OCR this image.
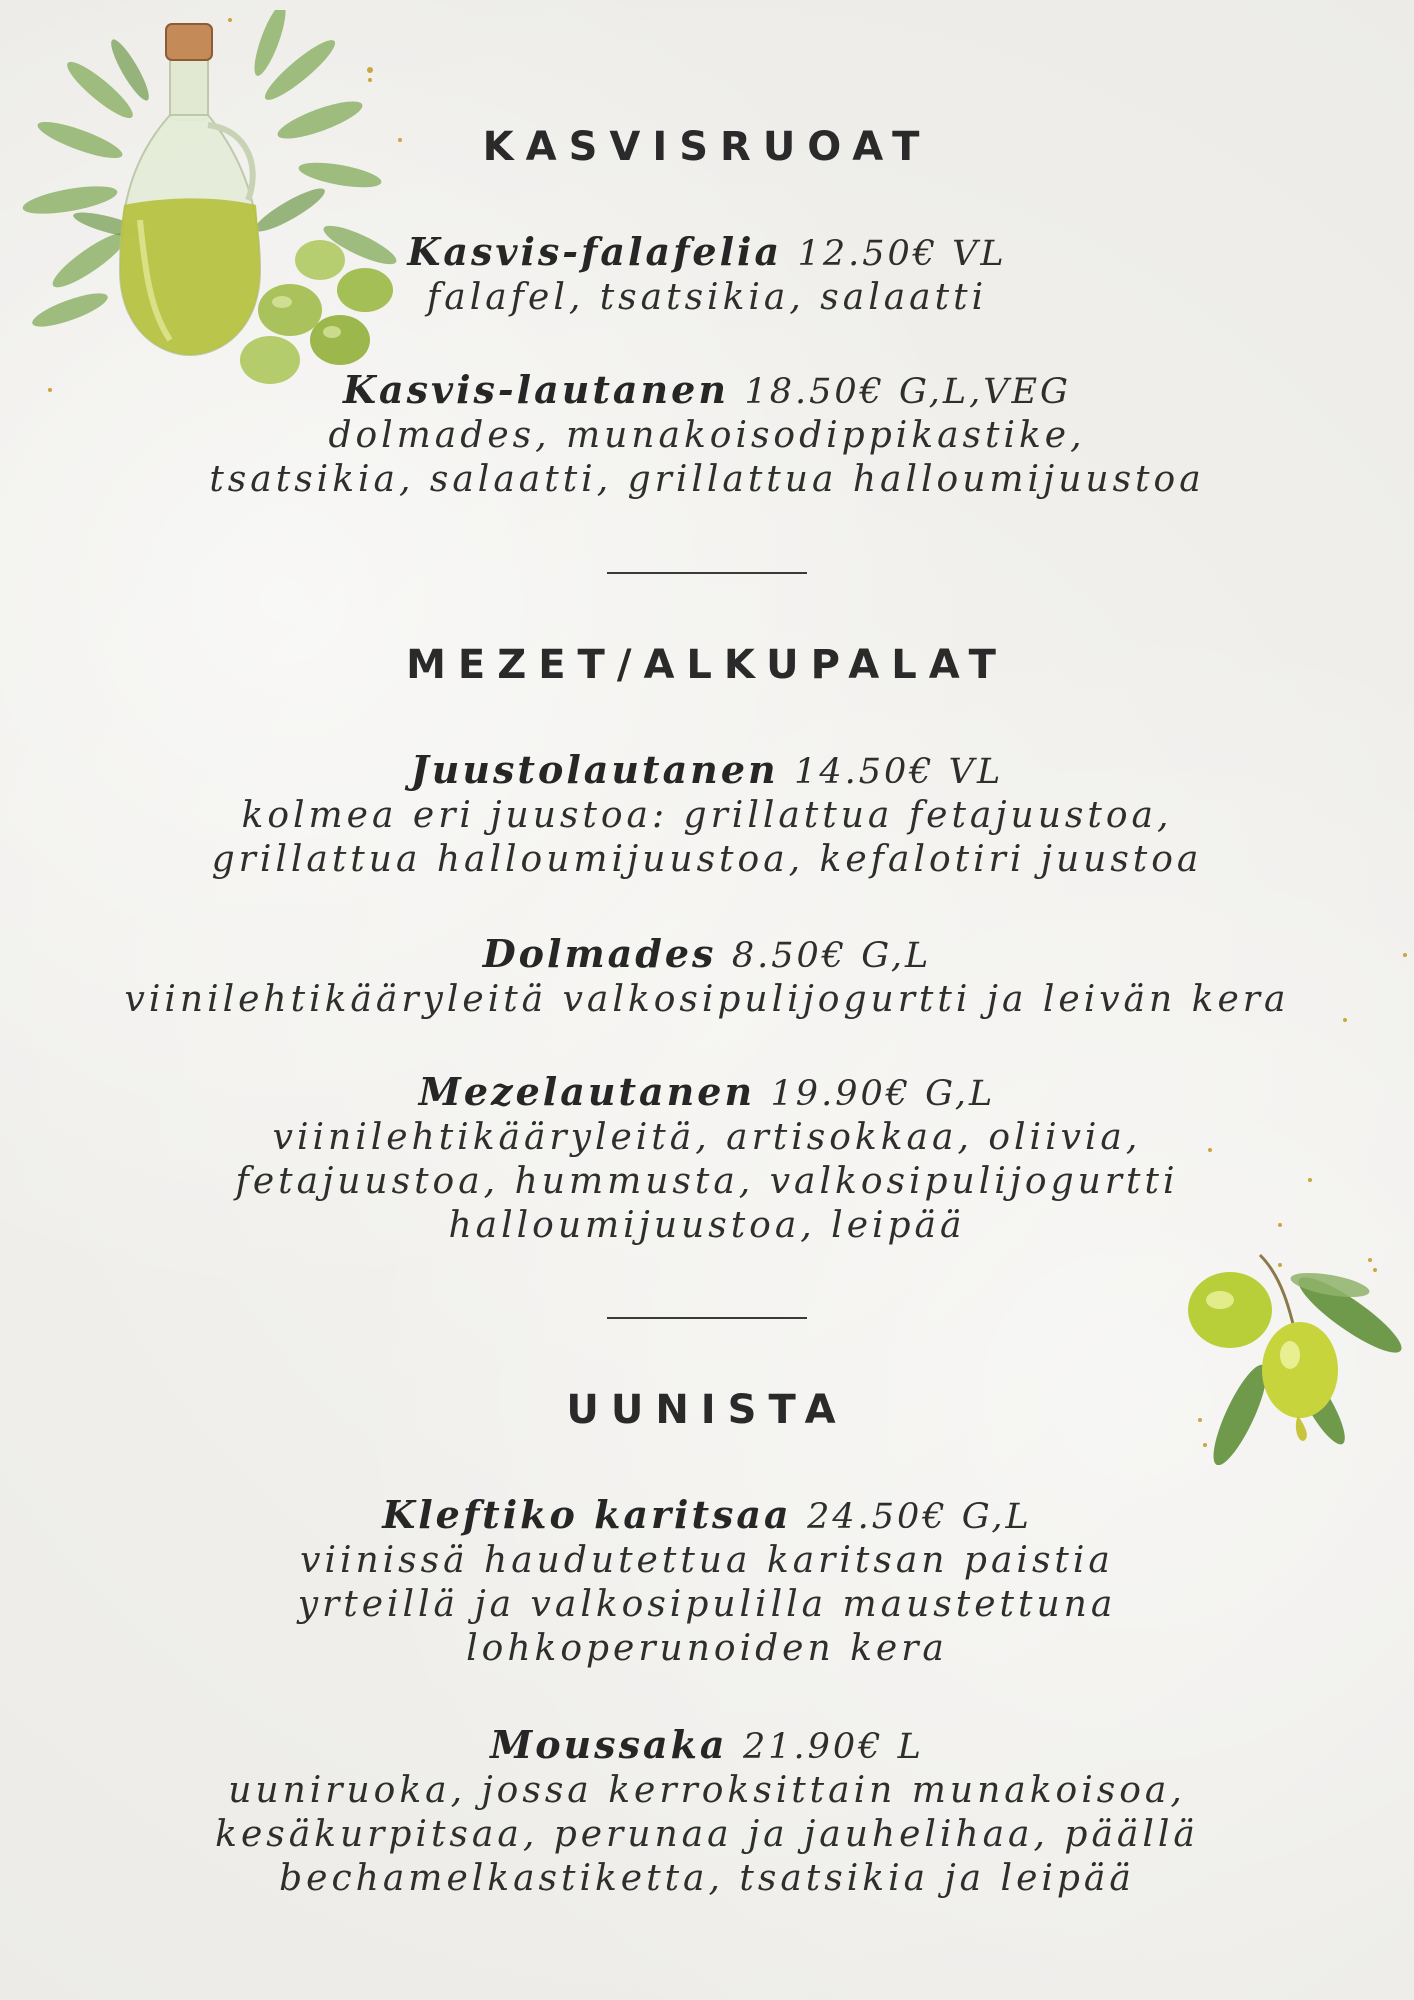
KASVISRUOAT
Kasvis-falafelia 12.50€ VL
falafel, tsatsikia, salaatti
Kasvis-lautanen 18.50€ G,L,VEG
dolmades, munakoisodippikastike,
tsatsikia, salaatti, grillattua halloumijuustoa
MEZET/ALKUPALAT
Juustolautanen 14.50€ VL
kolmea eri juustoa: grillattua fetajuustoa,
grillattua halloumijuustoa, kefalotiri juustoa
Dolmades 8.50€ G,L
viinilehtikääryleitä valkosipulijogurtti ja leivän kera
Mezelautanen 19.90€ G,L
viinilehtikääryleitä, artisokkaa, oliivia,
fetajuustoa, hummusta, valkosipulijogurtti
halloumijuustoa, leipää
UUNISTA
Kleftiko karitsaa 24.50€ G,L
viinissä haudutettua karitsan paistia
yrteillä ja valkosipulilla maustettuna
lohkoperunoiden kera
Moussaka 21.90€ L
uuniruoka, jossa kerroksittain munakoisoa,
kesäkurpitsaa, perunaa ja jauhelihaa, päällä
bechamelkastiketta, tsatsikia ja leipää
